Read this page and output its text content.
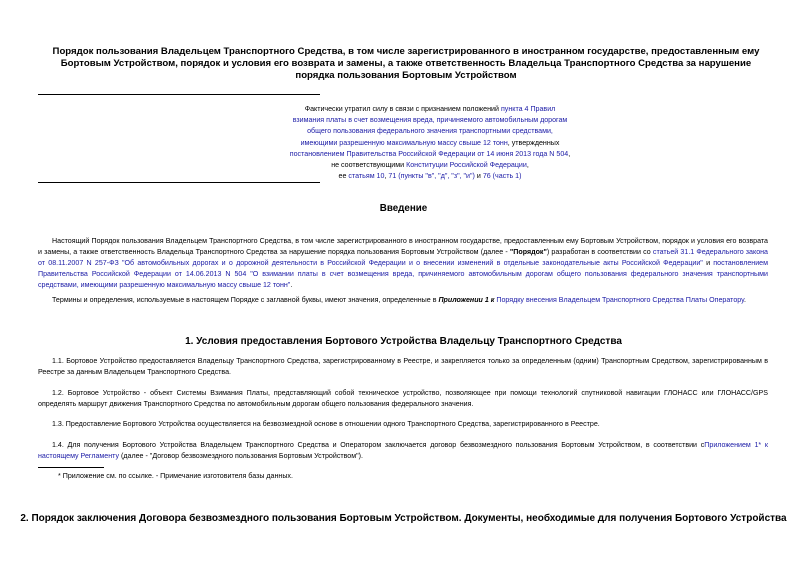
Порядок пользования Владельцем Транспортного Средства, в том числе зарегистрированного в иностранном государстве, предоставленным ему Бортовым Устройством, порядок и условия его возврата и замены, а также ответственность Владельца Транспортного Средства за нарушение порядка пользования Бортовым Устройством
Фактически утратил силу в связи с признанием положений пункта 4 Правил
взимания платы в счет возмещения вреда, причиняемого автомобильным дорогам
общего пользования федерального значения транспортными средствами,
имеющими разрешенную максимальную массу свыше 12 тонн, утвержденных
постановлением Правительства Российской Федерации от 14 июня 2013 года N 504,
не соответствующими Конституции Российской Федерации,
ее статьям 10, 71 (пункты "в", "д", "з", "и") и 76 (часть 1)
Введение
Настоящий Порядок пользования Владельцем Транспортного Средства, в том числе зарегистрированного в иностранном государстве, предоставленным ему Бортовым Устройством, порядок и условия его возврата и замены, а также ответственность Владельца Транспортного Средства за нарушение порядка пользования Бортовым Устройством (далее - "Порядок") разработан в соответствии со статьей 31.1 Федерального закона от 08.11.2007 N 257-ФЗ "Об автомобильных дорогах и о дорожной деятельности в Российской Федерации и о внесении изменений в отдельные законодательные акты Российской Федерации" и постановлением Правительства Российской Федерации от 14.06.2013 N 504 "О взимании платы в счет возмещения вреда, причиняемого автомобильным дорогам общего пользования федерального значения транспортными средствами, имеющими разрешенную максимальную массу свыше 12 тонн".
Термины и определения, используемые в настоящем Порядке с заглавной буквы, имеют значения, определенные в Приложении 1 к Порядку внесения Владельцем Транспортного Средства Платы Оператору.
1. Условия предоставления Бортового Устройства Владельцу Транспортного Средства
1.1. Бортовое Устройство предоставляется Владельцу Транспортного Средства, зарегистрированному в Реестре, и закрепляется только за определенным (одним) Транспортным Средством, зарегистрированным в Реестре за данным Владельцем Транспортного Средства.
1.2. Бортовое Устройство - объект Системы Взимания Платы, представляющий собой техническое устройство, позволяющее при помощи технологий спутниковой навигации ГЛОНАСС или ГЛОНАСС/GPS определять маршрут движения Транспортного Средства по автомобильным дорогам общего пользования федерального значения.
1.3. Предоставление Бортового Устройства осуществляется на безвозмездной основе в отношении одного Транспортного Средства, зарегистрированного в Реестре.
1.4. Для получения Бортового Устройства Владельцем Транспортного Средства и Оператором заключается договор безвозмездного пользования Бортовым Устройством, в соответствии сПриложением 1* к настоящему Регламенту (далее - "Договор безвозмездного пользования Бортовым Устройством").
* Приложение см. по ссылке. - Примечание изготовителя базы данных.
2. Порядок заключения Договора безвозмездного пользования Бортовым Устройством. Документы, необходимые для получения Бортового Устройства
